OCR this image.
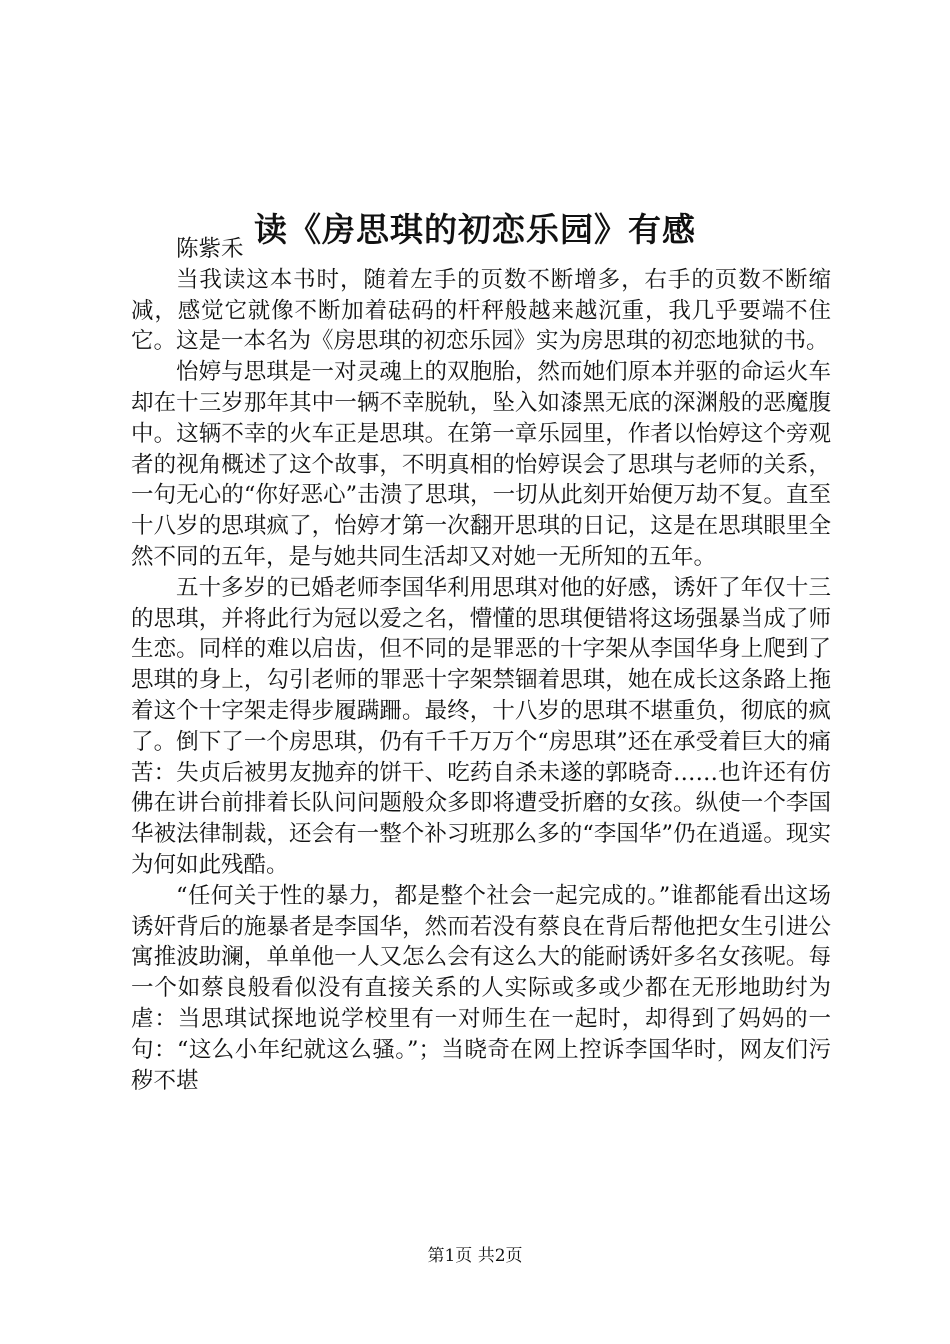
读《房思琪的初恋乐园》有感

陈紫禾

当我读这本书时，随着左手的页数不断增多，右手的页数不断缩减，感觉它就像不断加着砝码的杆秤般越来越沉重，我几乎要端不住它。这是一本名为《房思琪的初恋乐园》实为房思琪的初恋地狱的书。

怡婷与思琪是一对灵魂上的双胞胎，然而她们原本并驱的命运火车却在十三岁那年其中一辆不幸脱轨，坠入如漆黑无底的深渊般的恶魔腹中。这辆不幸的火车正是思琪。在第一章乐园里，作者以怡婷这个旁观者的视角概述了这个故事，不明真相的怡婷误会了思琪与老师的关系，一句无心的“你好恶心”击溃了思琪，一切从此刻开始便万劫不复。直至十八岁的思琪疯了，怡婷才第一次翻开思琪的日记，这是在思琪眼里全然不同的五年，是与她共同生活却又对她一无所知的五年。

五十多岁的已婚老师李国华利用思琪对他的好感，诱奸了年仅十三的思琪，并将此行为冠以爱之名，懵懂的思琪便错将这场强暴当成了师生恋。同样的难以启齿，但不同的是罪恶的十字架从李国华身上爬到了思琪的身上，勾引老师的罪恶十字架禁锢着思琪，她在成长这条路上拖着这个十字架走得步履蹒跚。最终，十八岁的思琪不堪重负，彻底的疯了。倒下了一个房思琪，仍有千千万万个“房思琪”还在承受着巨大的痛苦：失贞后被男友抛弃的饼干、吃药自杀未遂的郭晓奇……也许还有仿佛在讲台前排着长队问问题般众多即将遭受折磨的女孩。纵使一个李国华被法律制裁，还会有一整个补习班那么多的“李国华”仍在逍遥。现实为何如此残酷。

“任何关于性的暴力，都是整个社会一起完成的。”谁都能看出这场诱奸背后的施暴者是李国华，然而若没有蔡良在背后帮他把女生引进公寓推波助澜，单单他一人又怎么会有这么大的能耐诱奸多名女孩呢。每一个如蔡良般看似没有直接关系的人实际或多或少都在无形地助纣为虐：当思琪试探地说学校里有一对师生在一起时，却得到了妈妈的一句：“这么小年纪就这么骚。”；当晓奇在网上控诉李国华时，网友们污秽不堪

第1页 共2页
